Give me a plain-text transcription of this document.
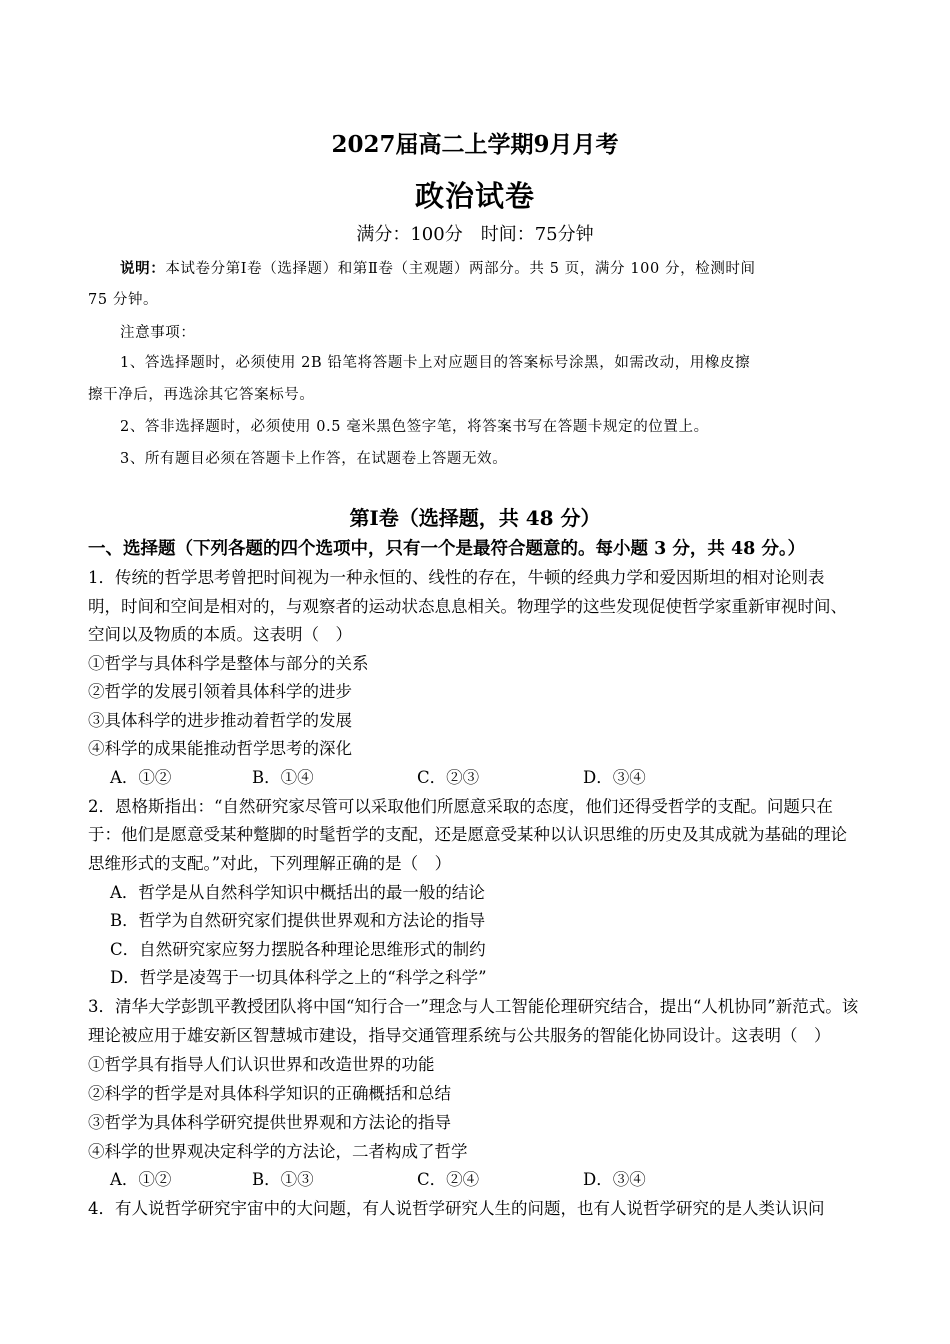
2027届高二上学期9月月考
政治试卷
满分：100分　时间：75分钟
说明：本试卷分第Ⅰ卷（选择题）和第Ⅱ卷（主观题）两部分。共 5 页，满分 100 分，检测时间
75 分钟。
注意事项：
1、答选择题时，必须使用 2B 铅笔将答题卡上对应题目的答案标号涂黑，如需改动，用橡皮擦
擦干净后，再选涂其它答案标号。
2、答非选择题时，必须使用 0.5 毫米黑色签字笔，将答案书写在答题卡规定的位置上。
3、所有题目必须在答题卡上作答，在试题卷上答题无效。
第Ⅰ卷（选择题，共 48 分）
一、选择题（下列各题的四个选项中，只有一个是最符合题意的。每小题 3 分，共 48 分。）
1．传统的哲学思考曾把时间视为一种永恒的、线性的存在，牛顿的经典力学和爱因斯坦的相对论则表
明，时间和空间是相对的，与观察者的运动状态息息相关。物理学的这些发现促使哲学家重新审视时间、
空间以及物质的本质。这表明（　）
①哲学与具体科学是整体与部分的关系
②哲学的发展引领着具体科学的进步
③具体科学的进步推动着哲学的发展
④科学的成果能推动哲学思考的深化
A．①②	B．①④	C．②③	D．③④
2．恩格斯指出：“自然研究家尽管可以采取他们所愿意采取的态度，他们还得受哲学的支配。问题只在
于：他们是愿意受某种蹩脚的时髦哲学的支配，还是愿意受某种以认识思维的历史及其成就为基础的理论
思维形式的支配。”对此，下列理解正确的是（　）
A．哲学是从自然科学知识中概括出的最一般的结论
B．哲学为自然研究家们提供世界观和方法论的指导
C．自然研究家应努力摆脱各种理论思维形式的制约
D．哲学是凌驾于一切具体科学之上的“科学之科学”
3．清华大学彭凯平教授团队将中国“知行合一”理念与人工智能伦理研究结合，提出“人机协同”新范式。该
理论被应用于雄安新区智慧城市建设，指导交通管理系统与公共服务的智能化协同设计。这表明（　）
①哲学具有指导人们认识世界和改造世界的功能
②科学的哲学是对具体科学知识的正确概括和总结
③哲学为具体科学研究提供世界观和方法论的指导
④科学的世界观决定科学的方法论，二者构成了哲学
A．①②	B．①③	C．②④	D．③④
4．有人说哲学研究宇宙中的大问题，有人说哲学研究人生的问题，也有人说哲学研究的是人类认识问
